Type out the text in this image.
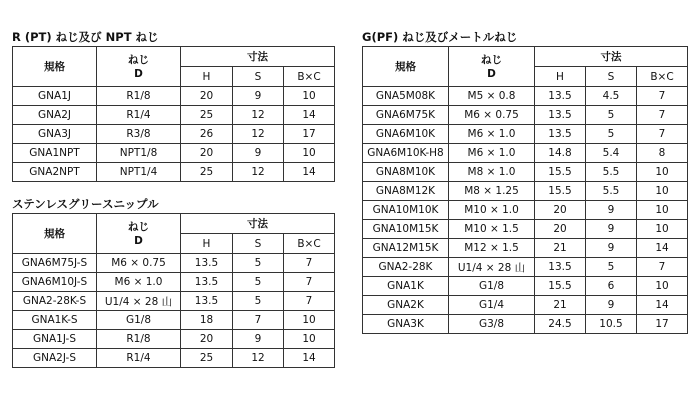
R (PT) ねじ及び NPT ねじ
規格	ねじ
D	寸法		
		H	S	B×C
GNA1J	R1/8	20	9	10
GNA2J	R1/4	25	12	14
GNA3J	R3/8	26	12	17
GNA1NPT	NPT1/8	20	9	10
GNA2NPT	NPT1/4	25	12	14
ステンレスグリースニップル
規格	ねじ
D	寸法		
		H	S	B×C
GNA6M75J-S	M6 × 0.75	13.5	5	7
GNA6M10J-S	M6 × 1.0	13.5	5	7
GNA2-28K-S	U1/4 × 28 山	13.5	5	7
GNA1K-S	G1/8	18	7	10
GNA1J-S	R1/8	20	9	10
GNA2J-S	R1/4	25	12	14
G(PF) ねじ及びメートルねじ
規格	ねじ
D	寸法		
		H	S	B×C
GNA5M08K	M5 × 0.8	13.5	4.5	7
GNA6M75K	M6 × 0.75	13.5	5	7
GNA6M10K	M6 × 1.0	13.5	5	7
GNA6M10K-H8	M6 × 1.0	14.8	5.4	8
GNA8M10K	M8 × 1.0	15.5	5.5	10
GNA8M12K	M8 × 1.25	15.5	5.5	10
GNA10M10K	M10 × 1.0	20	9	10
GNA10M15K	M10 × 1.5	20	9	10
GNA12M15K	M12 × 1.5	21	9	14
GNA2-28K	U1/4 × 28 山	13.5	5	7
GNA1K	G1/8	15.5	6	10
GNA2K	G1/4	21	9	14
GNA3K	G3/8	24.5	10.5	17
